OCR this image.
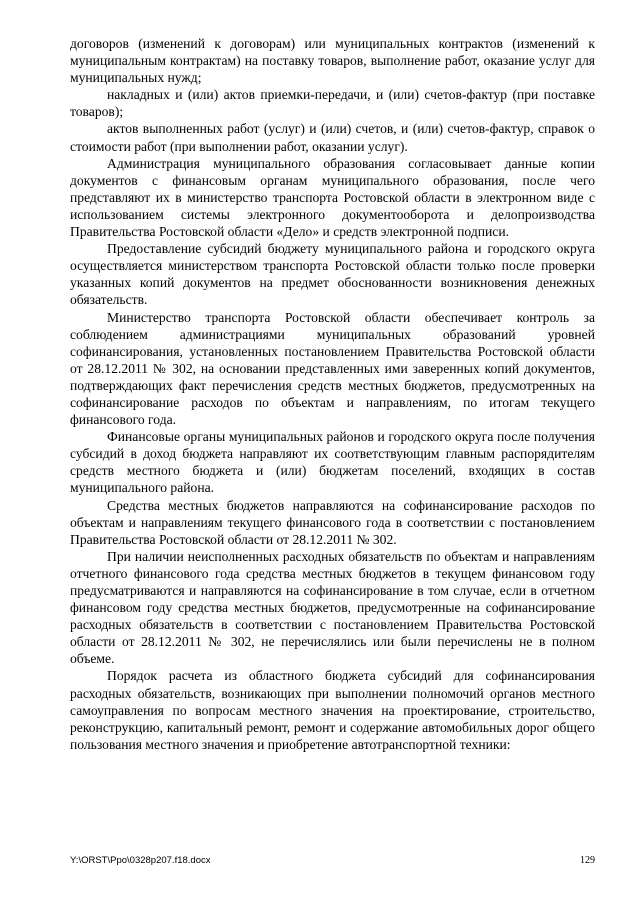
договоров (изменений к договорам) или муниципальных контрактов (изменений к муниципальным контрактам) на поставку товаров, выполнение работ, оказание услуг для муниципальных нужд;

накладных и (или) актов приемки-передачи, и (или) счетов-фактур (при поставке товаров);

актов выполненных работ (услуг) и (или) счетов, и (или) счетов-фактур, справок о стоимости работ (при выполнении работ, оказании услуг).

Администрация муниципального образования согласовывает данные копии документов с финансовым органам муниципального образования, после чего представляют их в министерство транспорта Ростовской области в электронном виде с использованием системы электронного документооборота и делопроизводства Правительства Ростовской области «Дело» и средств электронной подписи.

Предоставление субсидий бюджету муниципального района и городского округа осуществляется министерством транспорта Ростовской области только после проверки указанных копий документов на предмет обоснованности возникновения денежных обязательств.

Министерство транспорта Ростовской области обеспечивает контроль за соблюдением администрациями муниципальных образований уровней софинансирования, установленных постановлением Правительства Ростовской области от 28.12.2011 № 302, на основании представленных ими заверенных копий документов, подтверждающих факт перечисления средств местных бюджетов, предусмотренных на софинансирование расходов по объектам и направлениям, по итогам текущего финансового года.

Финансовые органы муниципальных районов и городского округа после получения субсидий в доход бюджета направляют их соответствующим главным распорядителям средств местного бюджета и (или) бюджетам поселений, входящих в состав муниципального района.

Средства местных бюджетов направляются на софинансирование расходов по объектам и направлениям текущего финансового года в соответствии с постановлением Правительства Ростовской области от 28.12.2011 № 302.

При наличии неисполненных расходных обязательств по объектам и направлениям отчетного финансового года средства местных бюджетов в текущем финансовом году предусматриваются и направляются на софинансирование в том случае, если в отчетном финансовом году средства местных бюджетов, предусмотренные на софинансирование расходных обязательств в соответствии с постановлением Правительства Ростовской области от 28.12.2011 № 302, не перечислялись или были перечислены не в полном объеме.

Порядок расчета из областного бюджета субсидий для софинансирования расходных обязательств, возникающих при выполнении полномочий органов местного самоуправления по вопросам местного значения на проектирование, строительство, реконструкцию, капитальный ремонт, ремонт и содержание автомобильных дорог общего пользования местного значения и приобретение автотранспортной техники:

Y:\ORST\Ppo\0328p207.f18.docx	129
